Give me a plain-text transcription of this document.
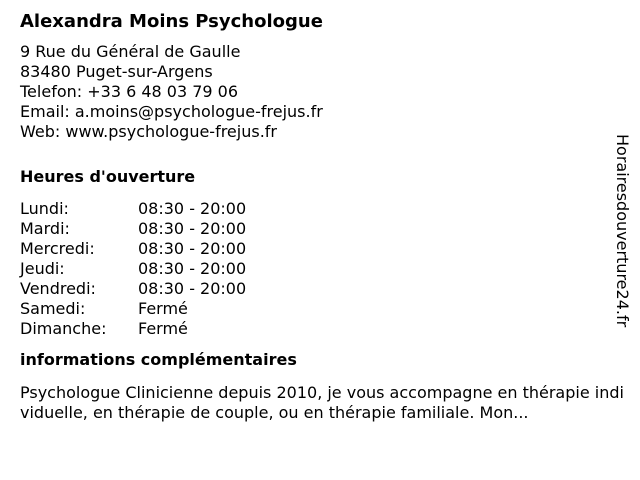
Alexandra Moins Psychologue
9 Rue du Général de Gaulle
83480 Puget-sur-Argens
Telefon: +33 6 48 03 79 06
Email: a.moins@psychologue-frejus.fr
Web: www.psychologue-frejus.fr
Heures d'ouverture
Lundi:	08:30 - 20:00
Mardi:	08:30 - 20:00
Mercredi:	08:30 - 20:00
Jeudi:	08:30 - 20:00
Vendredi:	08:30 - 20:00
Samedi:	Fermé
Dimanche:	Fermé
informations complémentaires
Psychologue Clinicienne depuis 2010, je vous accompagne en thérapie individuelle, en thérapie de couple, ou en thérapie familiale. Mon...
Horairesdouverture24.fr
